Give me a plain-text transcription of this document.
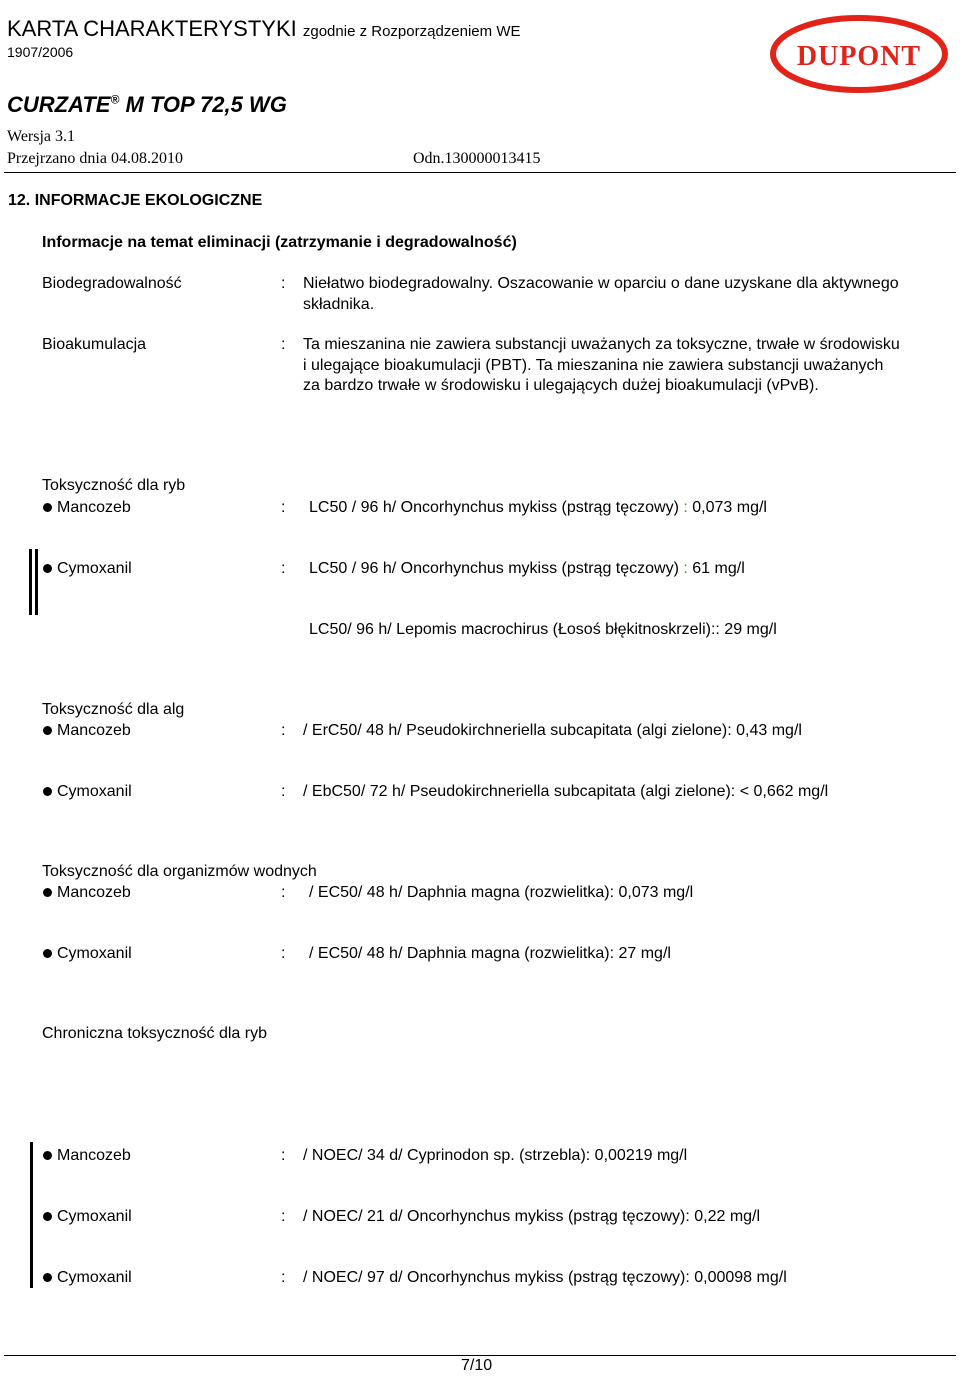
KARTA CHARAKTERYSTYKI zgodnie z Rozporządzeniem WE
1907/2006
CURZATE® M TOP 72,5 WG
Wersja 3.1
Przejrzano dnia 04.08.2010	Odn.130000013415
DUPONT
12. INFORMACJE EKOLOGICZNE
Informacje na temat eliminacji (zatrzymanie i degradowalność)
Biodegradowalność	: Niełatwo biodegradowalny. Oszacowanie w oparciu o dane uzyskane dla aktywnego składnika.
Bioakumulacja	: Ta mieszanina nie zawiera substancji uważanych za toksyczne, trwałe w środowisku i ulegające bioakumulacji (PBT). Ta mieszanina nie zawiera substancji uważanych za bardzo trwałe w środowisku i ulegających dużej bioakumulacji (vPvB).
Toksyczność dla ryb
Mancozeb	: LC50 / 96 h/ Oncorhynchus mykiss (pstrąg tęczowy) : 0,073 mg/l
Cymoxanil	: LC50 / 96 h/ Oncorhynchus mykiss (pstrąg tęczowy) : 61 mg/l
LC50/ 96 h/ Lepomis macrochirus (Łosoś błękitnoskrzeli):: 29 mg/l
Toksyczność dla alg
Mancozeb	: / ErC50/ 48 h/ Pseudokirchneriella subcapitata (algi zielone): 0,43 mg/l
Cymoxanil	: / EbC50/ 72 h/ Pseudokirchneriella subcapitata (algi zielone): < 0,662 mg/l
Toksyczność dla organizmów wodnych
Mancozeb	: / EC50/ 48 h/ Daphnia magna (rozwielitka): 0,073 mg/l
Cymoxanil	: / EC50/ 48 h/ Daphnia magna (rozwielitka): 27 mg/l
Chroniczna toksyczność dla ryb
Mancozeb	: / NOEC/ 34 d/ Cyprinodon sp. (strzebla): 0,00219 mg/l
Cymoxanil	: / NOEC/ 21 d/ Oncorhynchus mykiss (pstrąg tęczowy): 0,22 mg/l
Cymoxanil	: / NOEC/ 97 d/ Oncorhynchus mykiss (pstrąg tęczowy): 0,00098 mg/l
7/10
